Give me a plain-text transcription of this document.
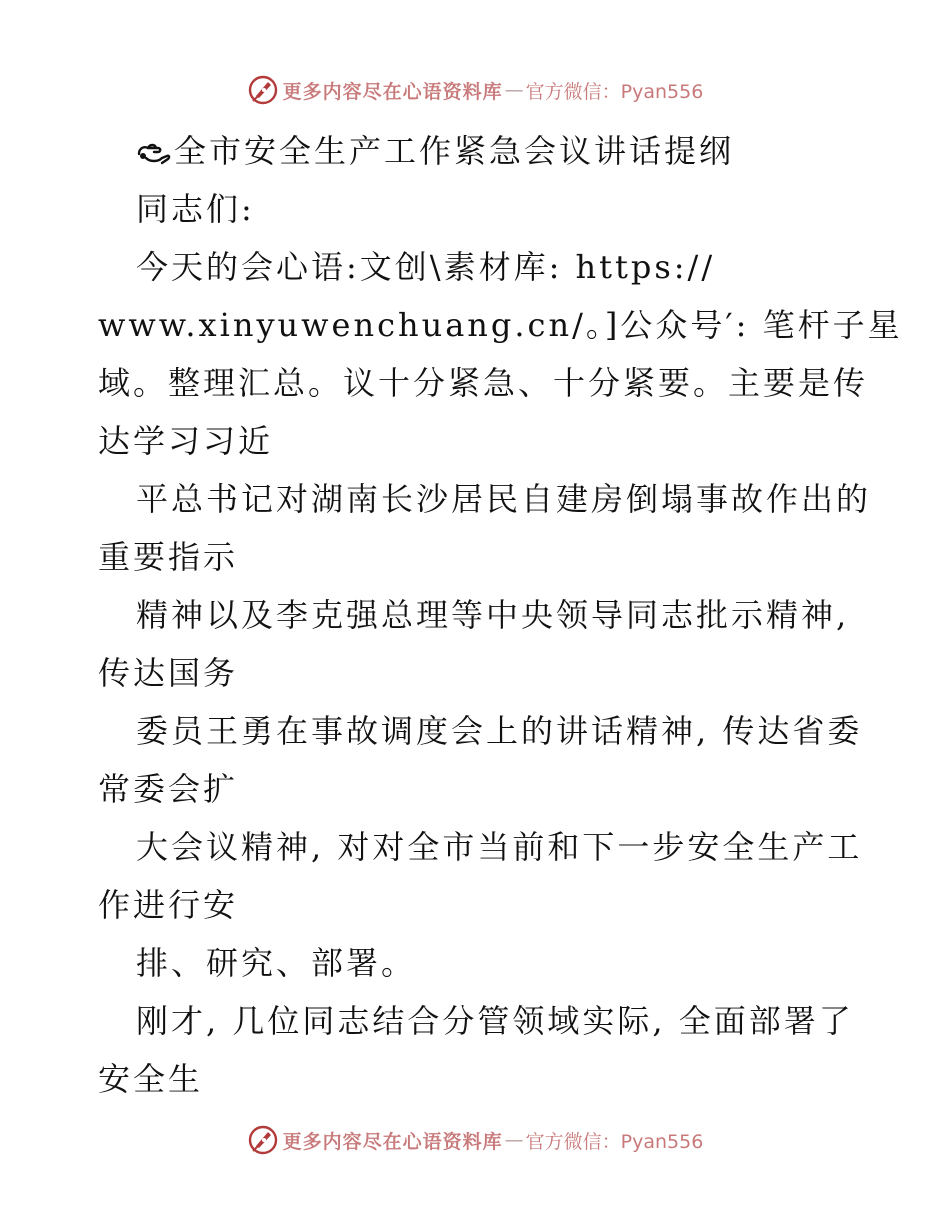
更多内容尽在心语资料库 — 官方微信：Pyan556
全市安全生产工作紧急会议讲话提纲
同志们:
今天的会心语:文创\素材库: https://
www.xinyuwenchuang.cn/。]公众号′: 笔杆子星
域。整理汇总。议十分紧急、十分紧要。主要是传
达学习习近
平总书记对湖南长沙居民自建房倒塌事故作出的
重要指示
精神以及李克强总理等中央领导同志批示精神,
传达国务
委员王勇在事故调度会上的讲话精神, 传达省委
常委会扩
大会议精神, 对对全市当前和下一步安全生产工
作进行安
排、研究、部署。
刚才, 几位同志结合分管领域实际, 全面部署了
安全生
更多内容尽在心语资料库 — 官方微信：Pyan556
